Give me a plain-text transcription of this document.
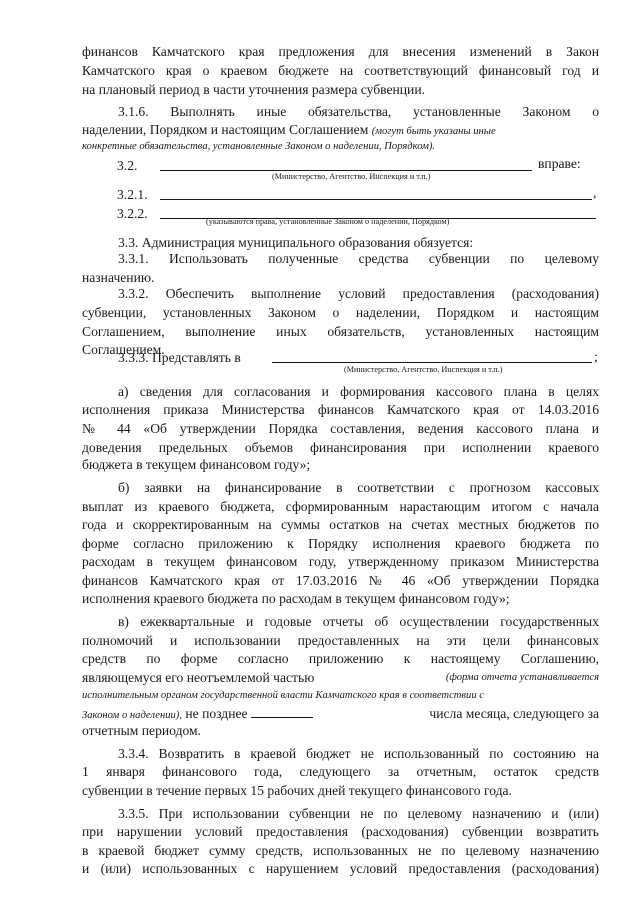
финансов Камчатского края предложения для внесения изменений в Закон
Камчатского края о краевом бюджете на соответствующий финансовый год и
на плановый период в части уточнения размера субвенции.
3.1.6. Выполнять иные обязательства, установленные Законом о
наделении, Порядком и настоящим Соглашением (могут быть указаны иные
конкретные обязательства, установленные Законом о наделении, Порядком).
3.2.	вправе:
(Министерство, Агентство, Инспекция и т.п.)
3.2.1.	,
3.2.2.
(указываются права, установленные Законом о наделении, Порядком)
3.3. Администрация муниципального образования обязуется:
3.3.1. Использовать полученные средства субвенции по целевому
назначению.
3.3.2. Обеспечить выполнение условий предоставления (расходования)
субвенции, установленных Законом о наделении, Порядком и настоящим
Соглашением, выполнение иных обязательств, установленных настоящим
Соглашением.
3.3.3. Представлять в	;
(Министерство, Агентство, Инспекция и т.п.)
а) сведения для согласования и формирования кассового плана в целях
исполнения приказа Министерства финансов Камчатского края от 14.03.2016
№ 44 «Об утверждении Порядка составления, ведения кассового плана и
доведения предельных объемов финансирования при исполнении краевого
бюджета в текущем финансовом году»;
б) заявки на финансирование в соответствии с прогнозом кассовых
выплат из краевого бюджета, сформированным нарастающим итогом с начала
года и скорректированным на суммы остатков на счетах местных бюджетов по
форме согласно приложению к Порядку исполнения краевого бюджета по
расходам в текущем финансовом году, утвержденному приказом Министерства
финансов Камчатского края от 17.03.2016 № 46 «Об утверждении Порядка
исполнения краевого бюджета по расходам в текущем финансовом году»;
в) ежеквартальные и годовые отчеты об осуществлении государственных
полномочий и использовании предоставленных на эти цели финансовых
средств по форме согласно приложению к настоящему Соглашению,
являющемуся его неотъемлемой частью	(форма отчета устанавливается
исполнительным органом государственной власти Камчатского края в соответствии с
Законом о наделении), не позднее	числа месяца, следующего за
отчетным периодом.
3.3.4. Возвратить в краевой бюджет не использованный по состоянию на
1 января финансового года, следующего за отчетным, остаток средств
субвенции в течение первых 15 рабочих дней текущего финансового года.
3.3.5. При использовании субвенции не по целевому назначению и (или)
при нарушении условий предоставления (расходования) субвенции возвратить
в краевой бюджет сумму средств, использованных не по целевому назначению
и (или) использованных с нарушением условий предоставления (расходования)
